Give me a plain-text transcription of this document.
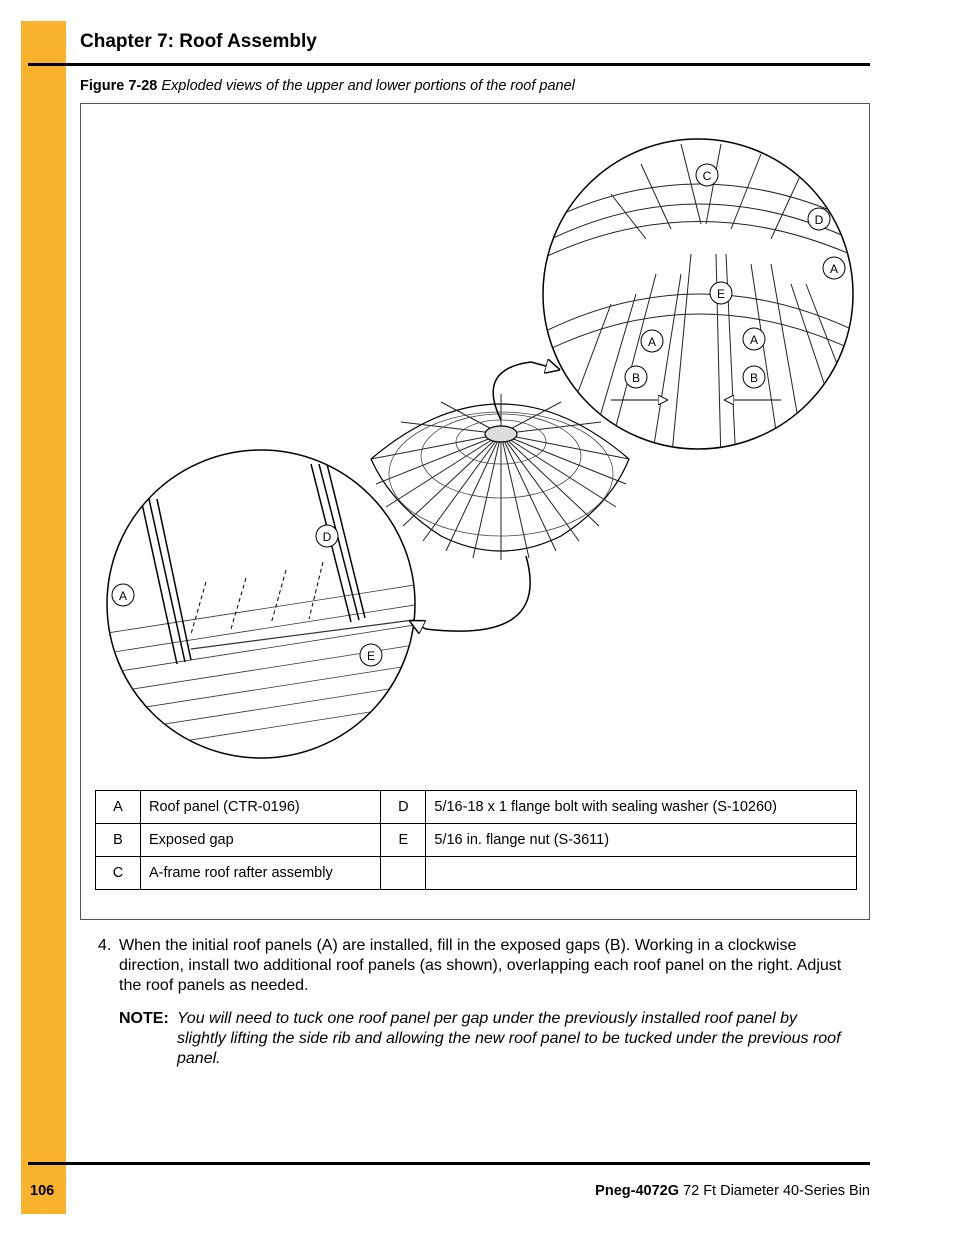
Chapter 7: Roof Assembly
Figure 7-28 Exploded views of the upper and lower portions of the roof panel
C
D
A
E
A	A
B	B
D
A
E
A	Roof panel (CTR-0196)	D	5/16-18 x 1 flange bolt with sealing washer (S-10260)
B	Exposed gap	E	5/16 in. flange nut (S-3611)
C	A-frame roof rafter assembly		
4. When the initial roof panels (A) are installed, fill in the exposed gaps (B). Working in a clockwise direction, install two additional roof panels (as shown), overlapping each roof panel on the right. Adjust the roof panels as needed.
NOTE: You will need to tuck one roof panel per gap under the previously installed roof panel by slightly lifting the side rib and allowing the new roof panel to be tucked under the previous roof panel.
106	Pneg-4072G 72 Ft Diameter 40-Series Bin
